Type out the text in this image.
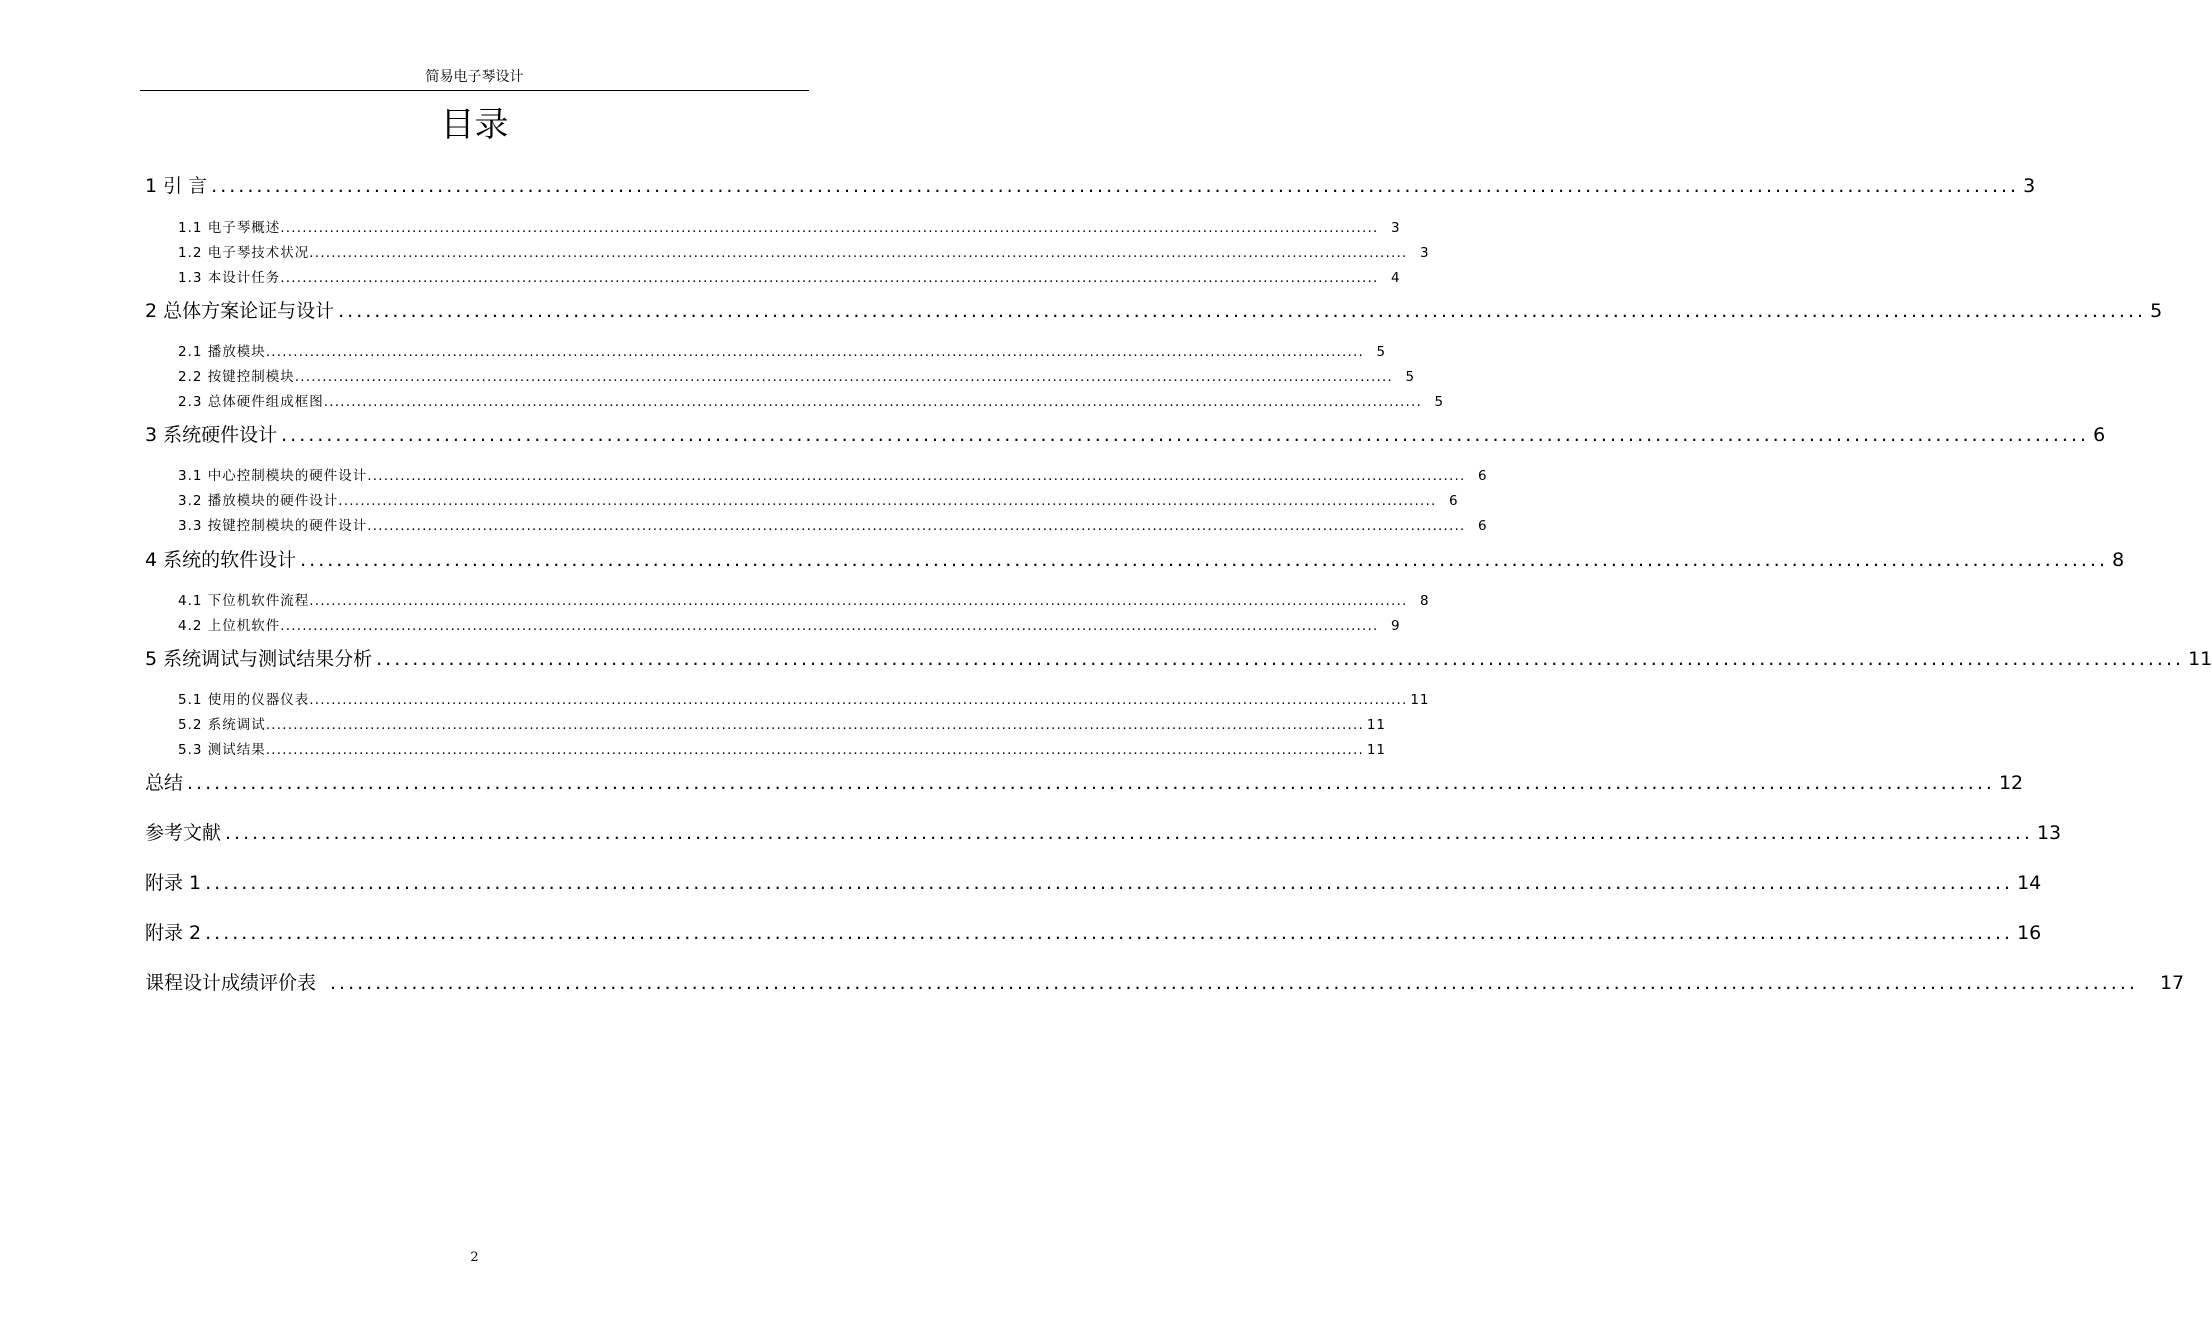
简易电子琴设计
目录
1 引 言 ........................................................................................................................................................................................................ 3
1.1 电子琴概述 ........................................................................................................................................................................................................ 3
1.2 电子琴技术状况 ........................................................................................................................................................................................................ 3
1.3 本设计任务 ........................................................................................................................................................................................................ 4
2 总体方案论证与设计 ........................................................................................................................................................................................................ 5
2.1 播放模块 ........................................................................................................................................................................................................ 5
2.2 按键控制模块 ........................................................................................................................................................................................................ 5
2.3 总体硬件组成框图 ........................................................................................................................................................................................................ 5
3 系统硬件设计 ........................................................................................................................................................................................................ 6
3.1 中心控制模块的硬件设计 ........................................................................................................................................................................................................ 6
3.2 播放模块的硬件设计 ........................................................................................................................................................................................................ 6
3.3 按键控制模块的硬件设计 ........................................................................................................................................................................................................ 6
4 系统的软件设计 ........................................................................................................................................................................................................ 8
4.1 下位机软件流程 ........................................................................................................................................................................................................ 8
4.2 上位机软件 ........................................................................................................................................................................................................ 9
5 系统调试与测试结果分析 ........................................................................................................................................................................................................ 11
5.1 使用的仪器仪表 ........................................................................................................................................................................................................ 11
5.2 系统调试 ........................................................................................................................................................................................................ 11
5.3 测试结果 ........................................................................................................................................................................................................ 11
总结 ........................................................................................................................................................................................................ 12
参考文献 ........................................................................................................................................................................................................ 13
附录 1 ........................................................................................................................................................................................................ 14
附录 2 ........................................................................................................................................................................................................ 16
课程设计成绩评价表 ........................................................................................................................................................................................................	17
2
